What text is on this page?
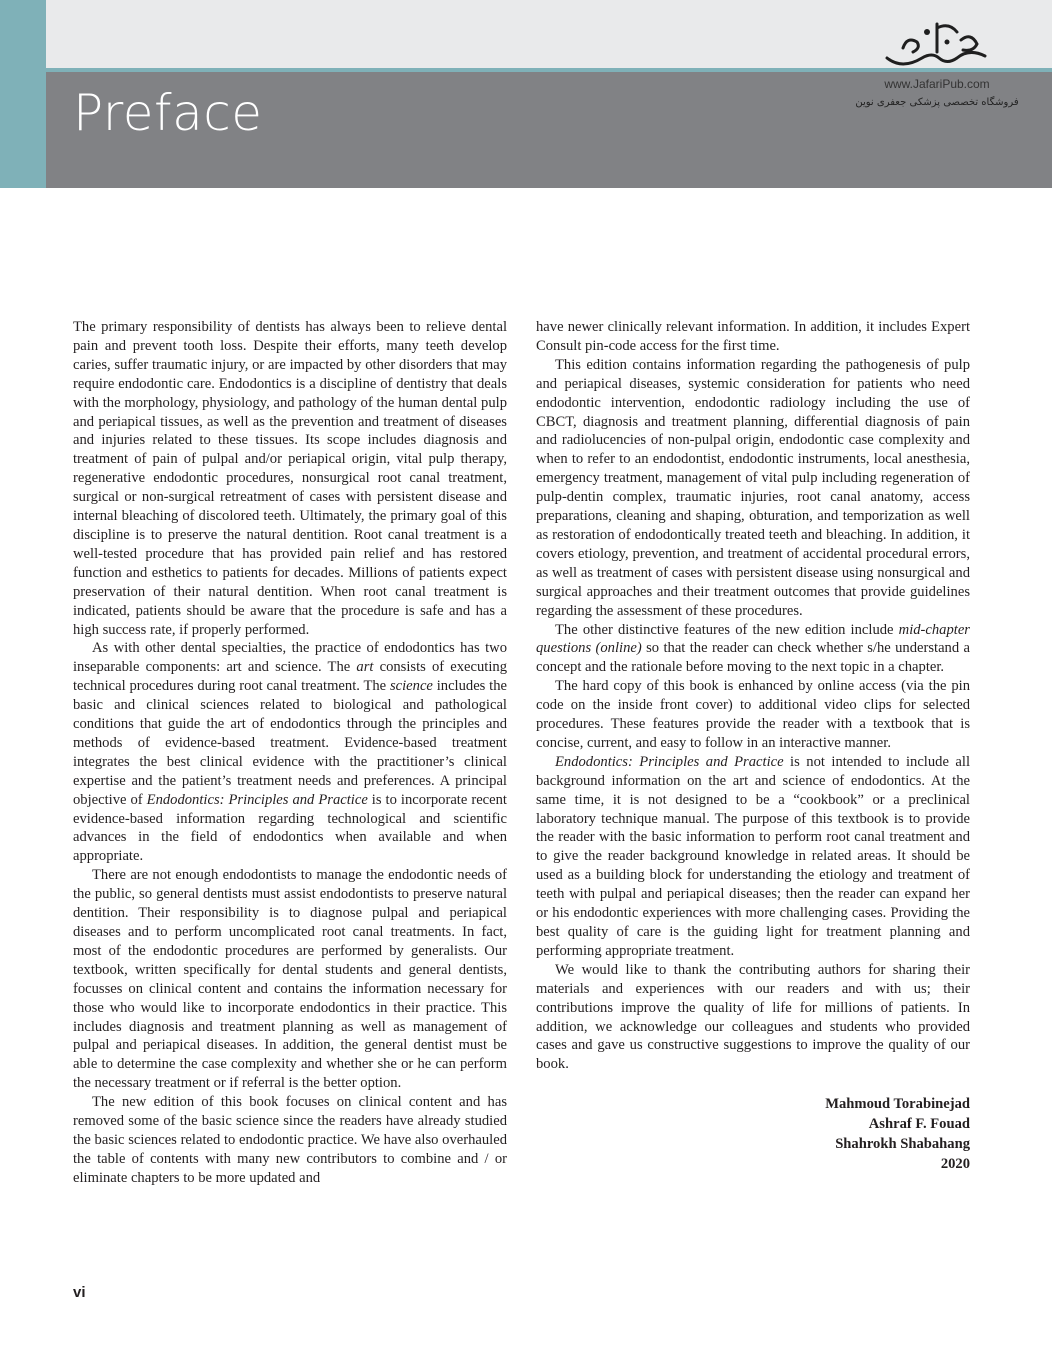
Preface	www.JafariPub.com
فروشگاه تخصصی پزشکی جعفری نوین

The primary responsibility of dentists has always been to relieve dental pain and prevent tooth loss. Despite their efforts, many teeth develop caries, suffer traumatic injury, or are impacted by other disorders that may require endodontic care. Endodontics is a discipline of dentistry that deals with the morphology, physiology, and pathology of the human dental pulp and periapical tissues, as well as the prevention and treatment of diseases and injuries related to these tissues. Its scope includes diagnosis and treatment of pain of pulpal and/or periapical origin, vital pulp therapy, regenerative endodontic procedures, nonsurgical root canal treatment, surgical or non-surgical retreatment of cases with persistent disease and internal bleaching of discolored teeth. Ultimately, the primary goal of this discipline is to preserve the natural dentition. Root canal treatment is a well-tested procedure that has provided pain relief and has restored function and esthetics to patients for decades. Millions of patients expect preservation of their natural dentition. When root canal treatment is indicated, patients should be aware that the procedure is safe and has a high success rate, if properly performed.

As with other dental specialties, the practice of endodontics has two inseparable components: art and science. The art consists of executing technical procedures during root canal treatment. The science includes the basic and clinical sciences related to biological and pathological conditions that guide the art of endodontics through the principles and methods of evidence-based treatment. Evidence-based treatment integrates the best clinical evidence with the practitioner’s clinical expertise and the patient’s treatment needs and preferences. A principal objective of Endodontics: Principles and Practice is to incorporate recent evidence-based information regarding technological and scientific advances in the field of endodontics when available and when appropriate.

There are not enough endodontists to manage the endodontic needs of the public, so general dentists must assist endodontists to preserve natural dentition. Their responsibility is to diagnose pulpal and periapical diseases and to perform uncomplicated root canal treatments. In fact, most of the endodontic procedures are performed by generalists. Our textbook, written specifically for dental students and general dentists, focusses on clinical content and contains the information necessary for those who would like to incorporate endodontics in their practice. This includes diagnosis and treatment planning as well as management of pulpal and periapical diseases. In addition, the general dentist must be able to determine the case complexity and whether she or he can perform the necessary treatment or if referral is the better option.

The new edition of this book focuses on clinical content and has removed some of the basic science since the readers have already studied the basic sciences related to endodontic practice. We have also overhauled the table of contents with many new contributors to combine and / or eliminate chapters to be more updated and

have newer clinically relevant information. In addition, it includes Expert Consult pin-code access for the first time.

This edition contains information regarding the pathogenesis of pulp and periapical diseases, systemic consideration for patients who need endodontic intervention, endodontic radiology including the use of CBCT, diagnosis and treatment planning, differential diagnosis of pain and radiolucencies of non-pulpal origin, endodontic case complexity and when to refer to an endodontist, endodontic instruments, local anesthesia, emergency treatment, management of vital pulp including regeneration of pulp-dentin complex, traumatic injuries, root canal anatomy, access preparations, cleaning and shaping, obturation, and temporization as well as restoration of endodontically treated teeth and bleaching. In addition, it covers etiology, prevention, and treatment of accidental procedural errors, as well as treatment of cases with persistent disease using nonsurgical and surgical approaches and their treatment outcomes that provide guidelines regarding the assessment of these procedures.

The other distinctive features of the new edition include mid-chapter questions (online) so that the reader can check whether s/he understand a concept and the rationale before moving to the next topic in a chapter.

The hard copy of this book is enhanced by online access (via the pin code on the inside front cover) to additional video clips for selected procedures. These features provide the reader with a textbook that is concise, current, and easy to follow in an interactive manner.

Endodontics: Principles and Practice is not intended to include all background information on the art and science of endodontics. At the same time, it is not designed to be a “cookbook” or a preclinical laboratory technique manual. The purpose of this textbook is to provide the reader with the basic information to perform root canal treatment and to give the reader background knowledge in related areas. It should be used as a building block for understanding the etiology and treatment of teeth with pulpal and periapical diseases; then the reader can expand her or his endodontic experiences with more challenging cases. Providing the best quality of care is the guiding light for treatment planning and performing appropriate treatment.

We would like to thank the contributing authors for sharing their materials and experiences with our readers and with us; their contributions improve the quality of life for millions of patients. In addition, we acknowledge our colleagues and students who provided cases and gave us constructive suggestions to improve the quality of our book.

Mahmoud Torabinejad
Ashraf F. Fouad
Shahrokh Shabahang
2020
vi
